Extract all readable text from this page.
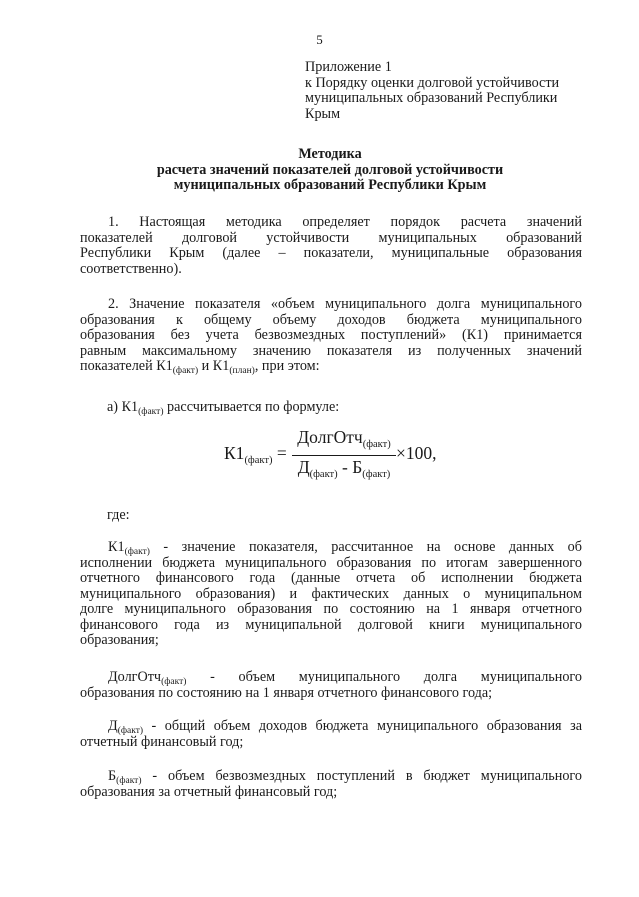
5
Приложение 1
к Порядку оценки долговой устойчивости
муниципальных образований Республики
Крым
Методика
расчета значений показателей долговой устойчивости
муниципальных образований Республики Крым
1. Настоящая методика определяет порядок расчета значений
показателей долговой устойчивости муниципальных образований
Республики Крым (далее – показатели, муниципальные образования
соответственно).
2. Значение показателя «объем муниципального долга муниципального
образования к общему объему доходов бюджета муниципального
образования без учета безвозмездных поступлений» (К1) принимается
равным максимальному значению показателя из полученных значений
показателей $К1_{(факт)}$ и $К1_{(план)}$, при этом:
а) $К1_{(факт)}$ рассчитывается по формуле:
$К1_{(факт)}$ =
ДолгОтч$_{(факт)}$
$Д_{(факт)} - Б_{(факт)}$
×100,
где:
$К1_{(факт)}$ - значение показателя, рассчитанное на основе данных об
исполнении бюджета муниципального образования по итогам завершенного
отчетного финансового года (данные отчета об исполнении бюджета
муниципального образования) и фактических данных о муниципальном
долге муниципального образования по состоянию на 1 января отчетного
финансового года из муниципальной долговой книги муниципального
образования;
ДолгОтч$_{(факт)}$ - объем муниципального долга муниципального
образования по состоянию на 1 января отчетного финансового года;
$Д_{(факт)}$ - общий объем доходов бюджета муниципального образования за
отчетный финансовый год;
$Б_{(факт)}$ - объем безвозмездных поступлений в бюджет муниципального
образования за отчетный финансовый год;
